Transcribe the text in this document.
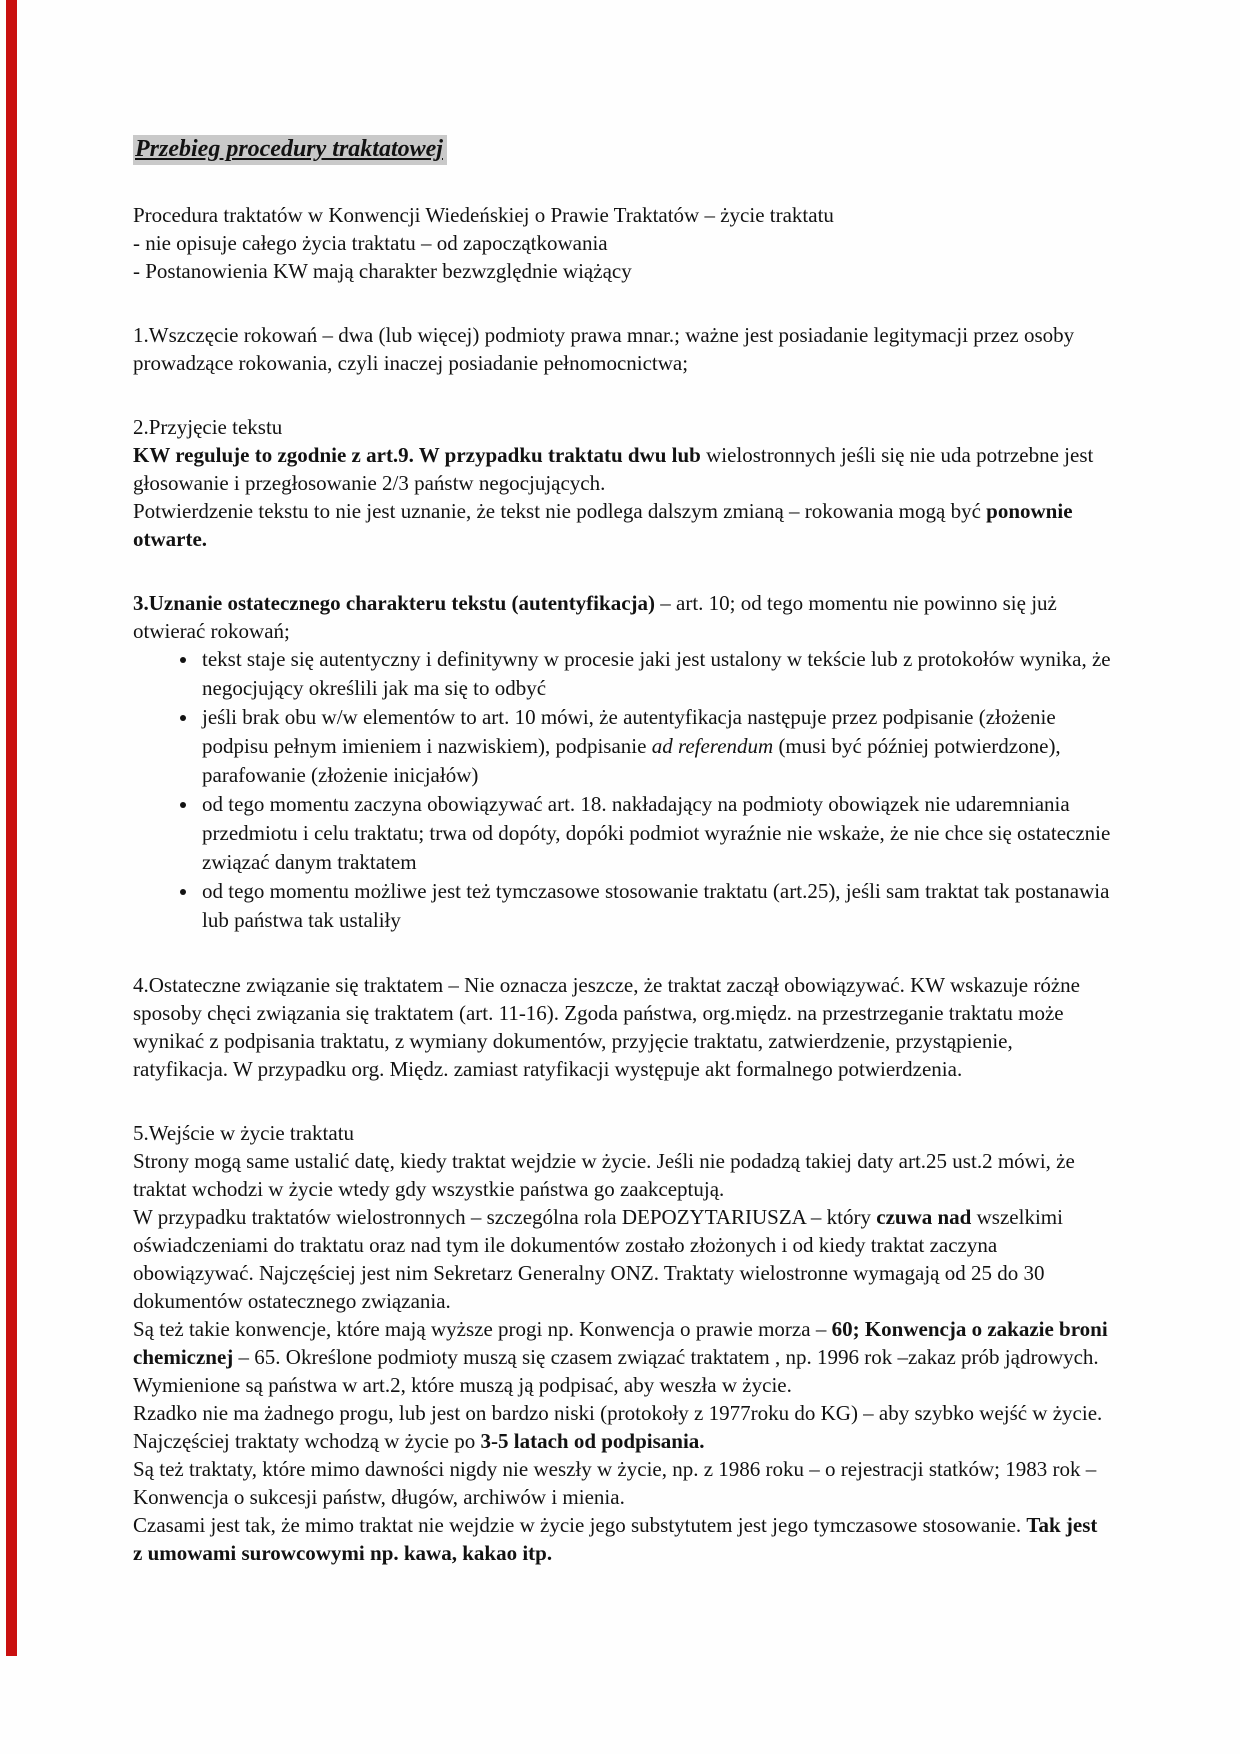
Przebieg procedury traktatowej
Procedura traktatów w Konwencji Wiedeńskiej o Prawie Traktatów – życie traktatu
- nie opisuje całego życia traktatu – od zapoczątkowania
- Postanowienia KW mają charakter bezwzględnie wiążący

1.Wszczęcie rokowań – dwa (lub więcej) podmioty prawa mnar.; ważne jest posiadanie legitymacji przez osoby prowadzące rokowania, czyli inaczej posiadanie pełnomocnictwa;

2.Przyjęcie tekstu

KW reguluje to zgodnie z art.9. W przypadku traktatu dwu lub wielostronnych jeśli się nie uda potrzebne jest głosowanie i przegłosowanie 2/3 państw negocjujących.

Potwierdzenie tekstu to nie jest uznanie, że tekst nie podlega dalszym zmianą – rokowania mogą być ponownie otwarte.

3.Uznanie ostatecznego charakteru tekstu (autentyfikacja) – art. 10; od tego momentu nie powinno się już otwierać rokowań;

• tekst staje się autentyczny i definitywny w procesie jaki jest ustalony w tekście lub z protokołów wynika, że negocjujący określili jak ma się to odbyć
• jeśli brak obu w/w elementów to art. 10 mówi, że autentyfikacja następuje przez podpisanie (złożenie podpisu pełnym imieniem i nazwiskiem), podpisanie ad referendum (musi być później potwierdzone), parafowanie (złożenie inicjałów)
• od tego momentu zaczyna obowiązywać art. 18. nakładający na podmioty obowiązek nie udaremniania przedmiotu i celu traktatu; trwa od dopóty, dopóki podmiot wyraźnie nie wskaże, że nie chce się ostatecznie związać danym traktatem
• od tego momentu możliwe jest też tymczasowe stosowanie traktatu (art.25), jeśli sam traktat tak postanawia lub państwa tak ustaliły

4.Ostateczne związanie się traktatem – Nie oznacza jeszcze, że traktat zaczął obowiązywać. KW wskazuje różne sposoby chęci związania się traktatem (art. 11-16). Zgoda państwa, org.międz. na przestrzeganie traktatu może wynikać z podpisania traktatu, z wymiany dokumentów, przyjęcie traktatu, zatwierdzenie, przystąpienie, ratyfikacja. W przypadku org. Międz. zamiast ratyfikacji występuje akt formalnego potwierdzenia.

5.Wejście w życie traktatu

Strony mogą same ustalić datę, kiedy traktat wejdzie w życie. Jeśli nie podadzą takiej daty art.25 ust.2 mówi, że traktat wchodzi w życie wtedy gdy wszystkie państwa go zaakceptują.

W przypadku traktatów wielostronnych – szczególna rola DEPOZYTARIUSZA – który czuwa nad wszelkimi oświadczeniami do traktatu oraz nad tym ile dokumentów zostało złożonych i od kiedy traktat zaczyna obowiązywać. Najczęściej jest nim Sekretarz Generalny ONZ. Traktaty wielostronne wymagają od 25 do 30 dokumentów ostatecznego związania.

Są też takie konwencje, które mają wyższe progi np. Konwencja o prawie morza – 60; Konwencja o zakazie broni chemicznej – 65. Określone podmioty muszą się czasem związać traktatem , np. 1996 rok –zakaz prób jądrowych. Wymienione są państwa w art.2, które muszą ją podpisać, aby weszła w życie.

Rzadko nie ma żadnego progu, lub jest on bardzo niski (protokoły z 1977roku do KG) – aby szybko wejść w życie.

Najczęściej traktaty wchodzą w życie po 3-5 latach od podpisania.

Są też traktaty, które mimo dawności nigdy nie weszły w życie, np. z 1986 roku – o rejestracji statków; 1983 rok – Konwencja o sukcesji państw, długów, archiwów i mienia.

Czasami jest tak, że mimo traktat nie wejdzie w życie jego substytutem jest jego tymczasowe stosowanie. Tak jest z umowami surowcowymi np. kawa, kakao itp.
